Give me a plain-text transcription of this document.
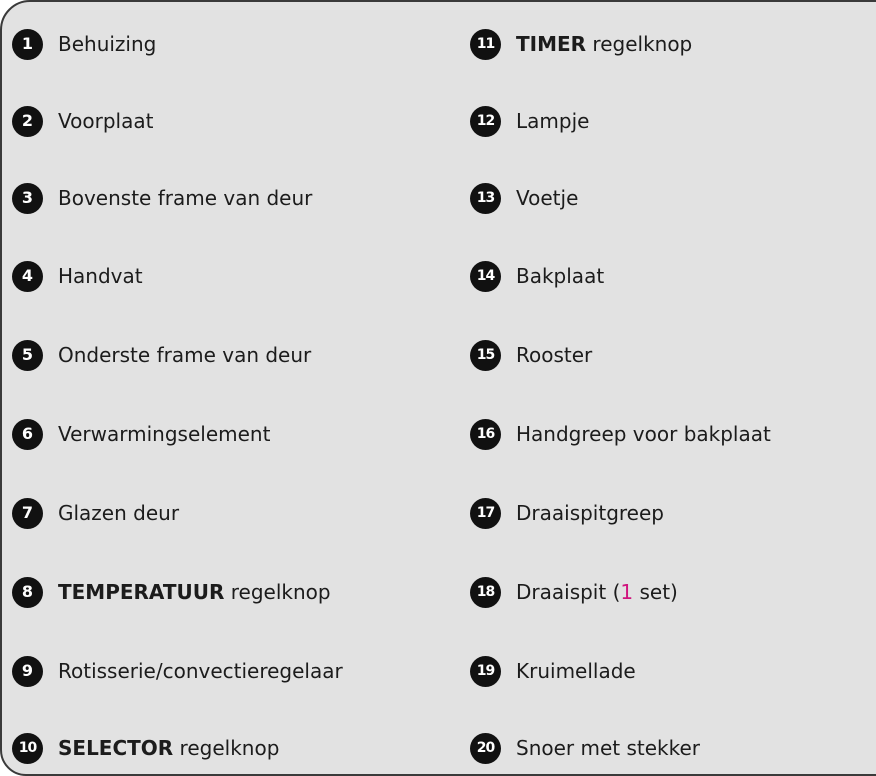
1	Behuizing
2	Voorplaat
3	Bovenste frame van deur
4	Handvat
5	Onderste frame van deur
6	Verwarmingselement
7	Glazen deur
8	TEMPERATUUR regelknop
9	Rotisserie/convectieregelaar
10	SELECTOR regelknop
11	TIMER regelknop
12	Lampje
13	Voetje
14	Bakplaat
15	Rooster
16	Handgreep voor bakplaat
17	Draaispitgreep
18	Draaispit (1 set)
19	Kruimellade
20	Snoer met stekker
